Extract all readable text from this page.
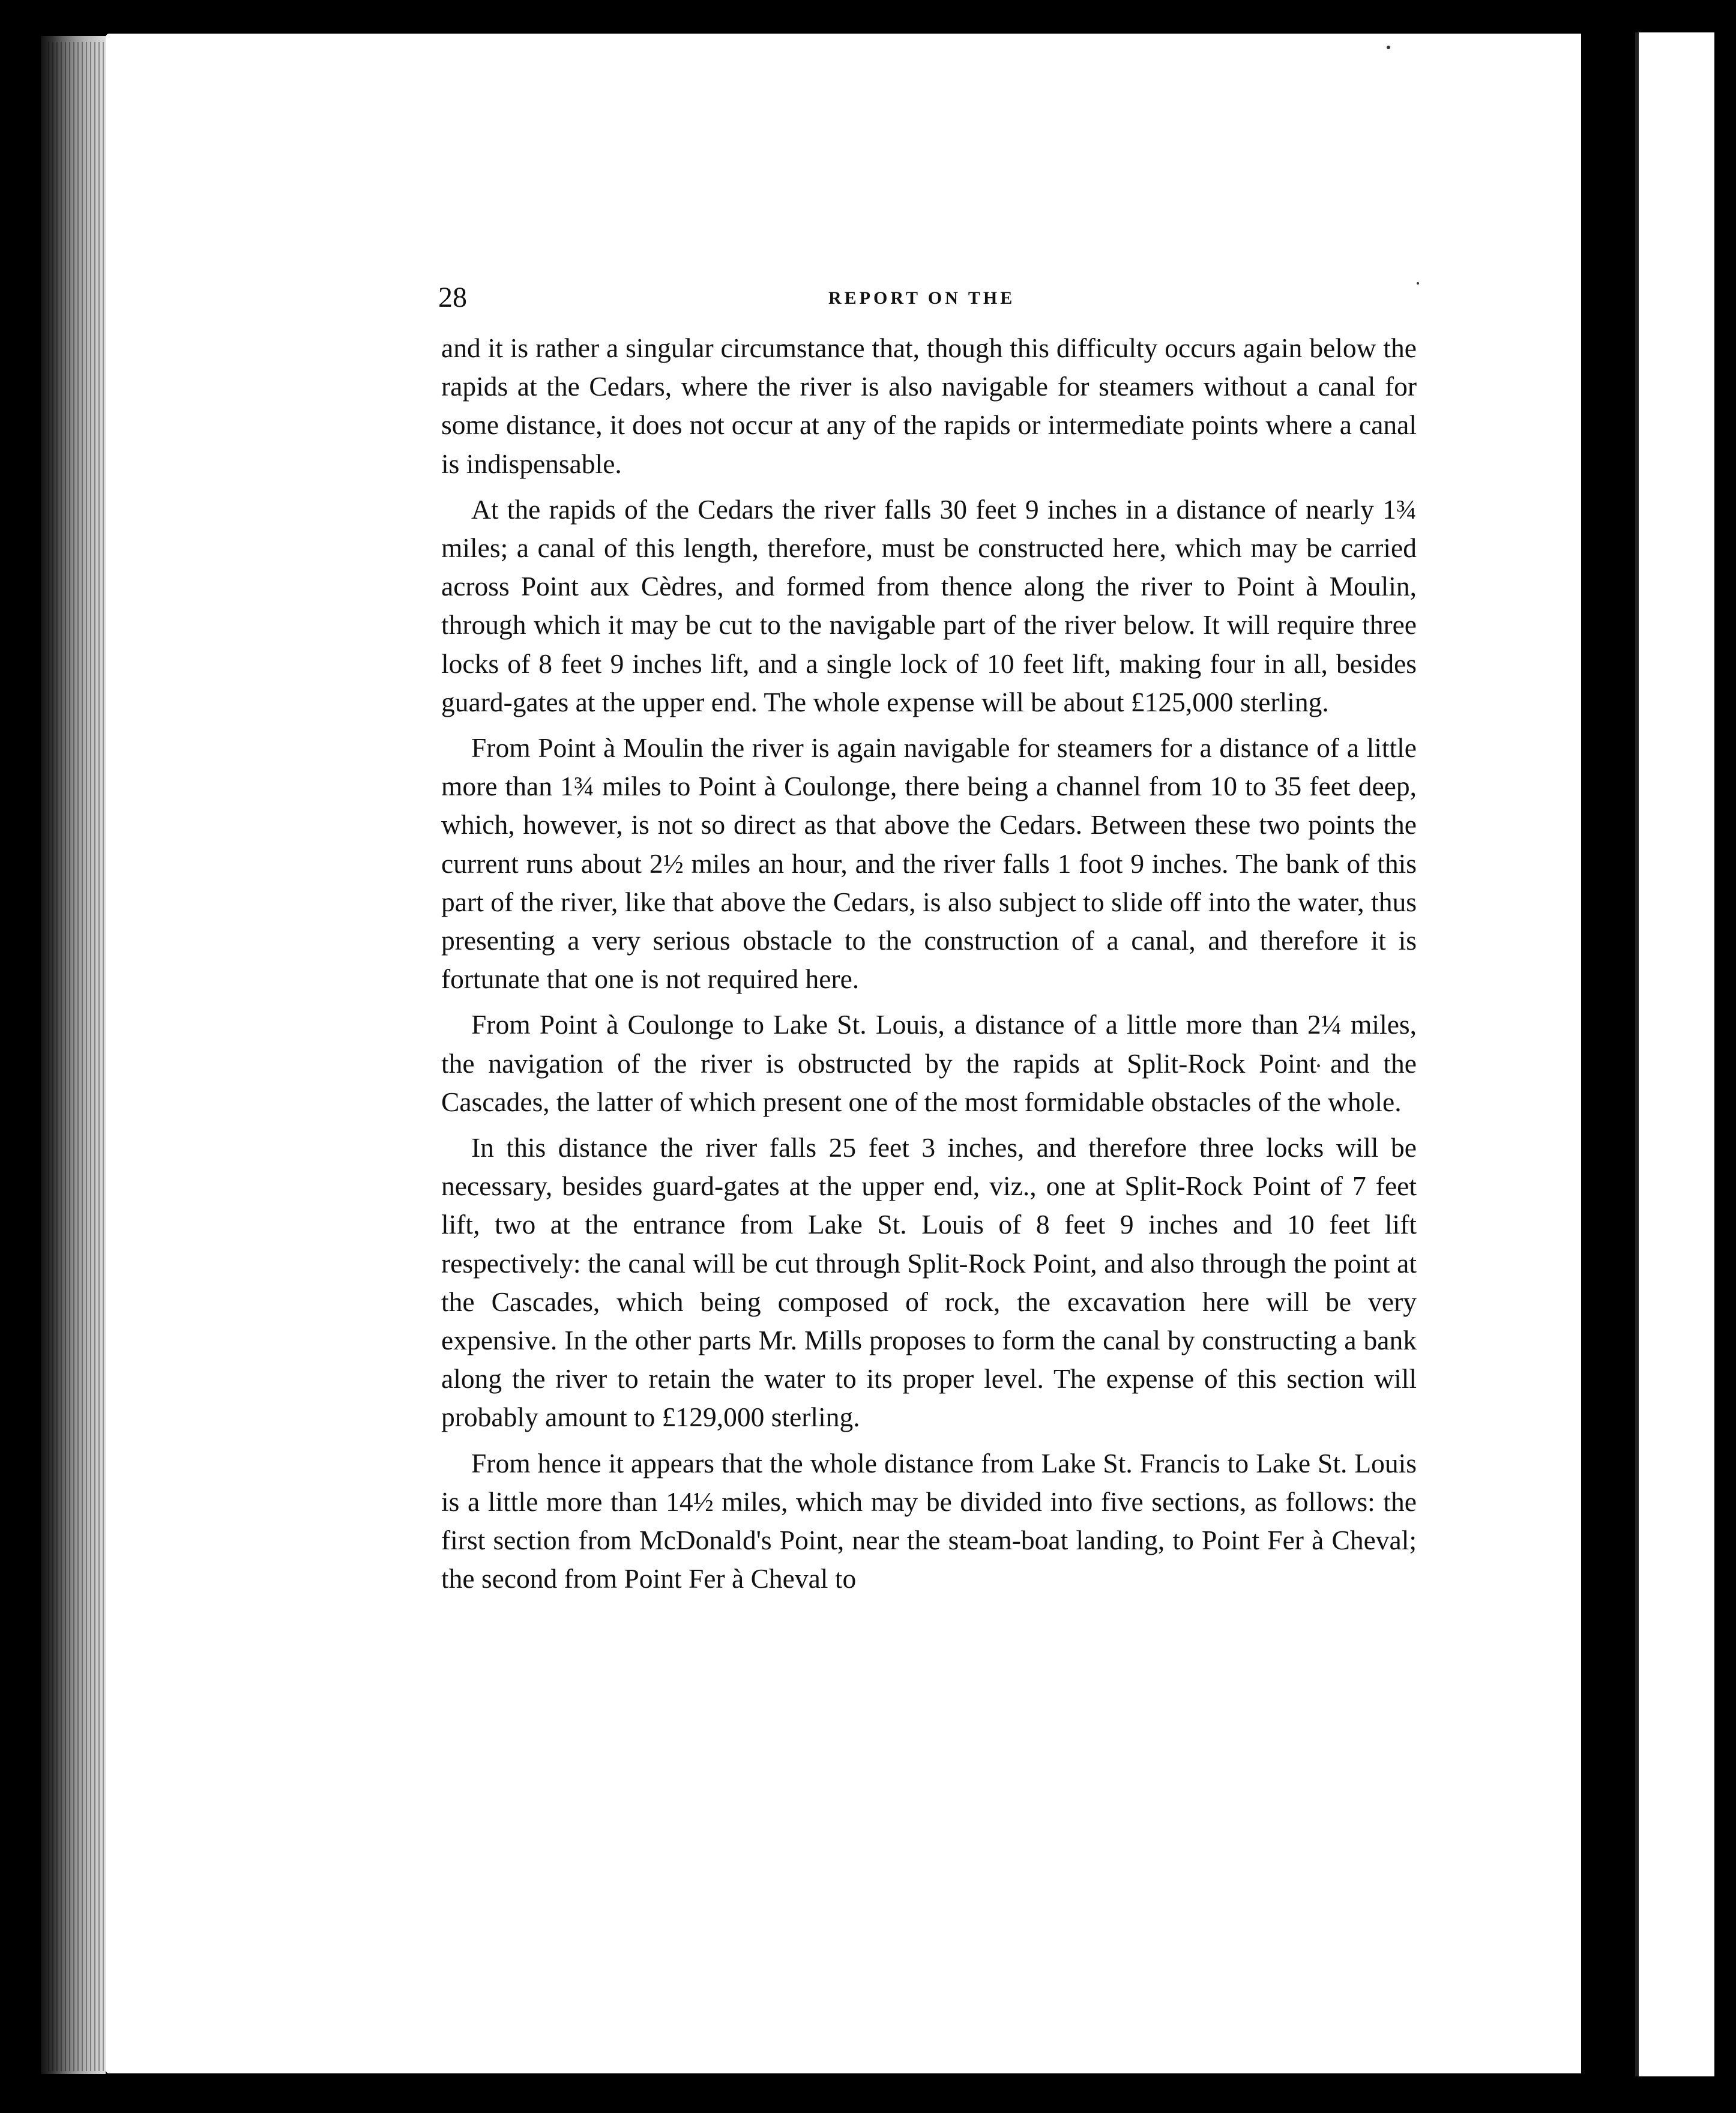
28	REPORT ON THE

and it is rather a singular circumstance that, though this difficulty occurs again below the rapids at the Cedars, where the river is also navigable for steamers without a canal for some distance, it does not occur at any of the rapids or intermediate points where a canal is indispensable.

At the rapids of the Cedars the river falls 30 feet 9 inches in a distance of nearly 1¾ miles; a canal of this length, therefore, must be constructed here, which may be carried across Point aux Cèdres, and formed from thence along the river to Point à Moulin, through which it may be cut to the navigable part of the river below. It will require three locks of 8 feet 9 inches lift, and a single lock of 10 feet lift, making four in all, besides guard-gates at the upper end. The whole expense will be about £125,000 sterling.

From Point à Moulin the river is again navigable for steamers for a distance of a little more than 1¾ miles to Point à Coulonge, there being a channel from 10 to 35 feet deep, which, however, is not so direct as that above the Cedars. Between these two points the current runs about 2½ miles an hour, and the river falls 1 foot 9 inches. The bank of this part of the river, like that above the Cedars, is also subject to slide off into the water, thus presenting a very serious obstacle to the construction of a canal, and therefore it is fortunate that one is not required here.

From Point à Coulonge to Lake St. Louis, a distance of a little more than 2¼ miles, the navigation of the river is obstructed by the rapids at Split-Rock Point and the Cascades, the latter of which present one of the most formidable obstacles of the whole.

In this distance the river falls 25 feet 3 inches, and therefore three locks will be necessary, besides guard-gates at the upper end, viz., one at Split-Rock Point of 7 feet lift, two at the entrance from Lake St. Louis of 8 feet 9 inches and 10 feet lift respectively: the canal will be cut through Split-Rock Point, and also through the point at the Cascades, which being composed of rock, the excavation here will be very expensive. In the other parts Mr. Mills proposes to form the canal by constructing a bank along the river to retain the water to its proper level. The expense of this section will probably amount to £129,000 sterling.

From hence it appears that the whole distance from Lake St. Francis to Lake St. Louis is a little more than 14½ miles, which may be divided into five sections, as follows: the first section from McDonald's Point, near the steam-boat landing, to Point Fer à Cheval; the second from Point Fer à Cheval to
